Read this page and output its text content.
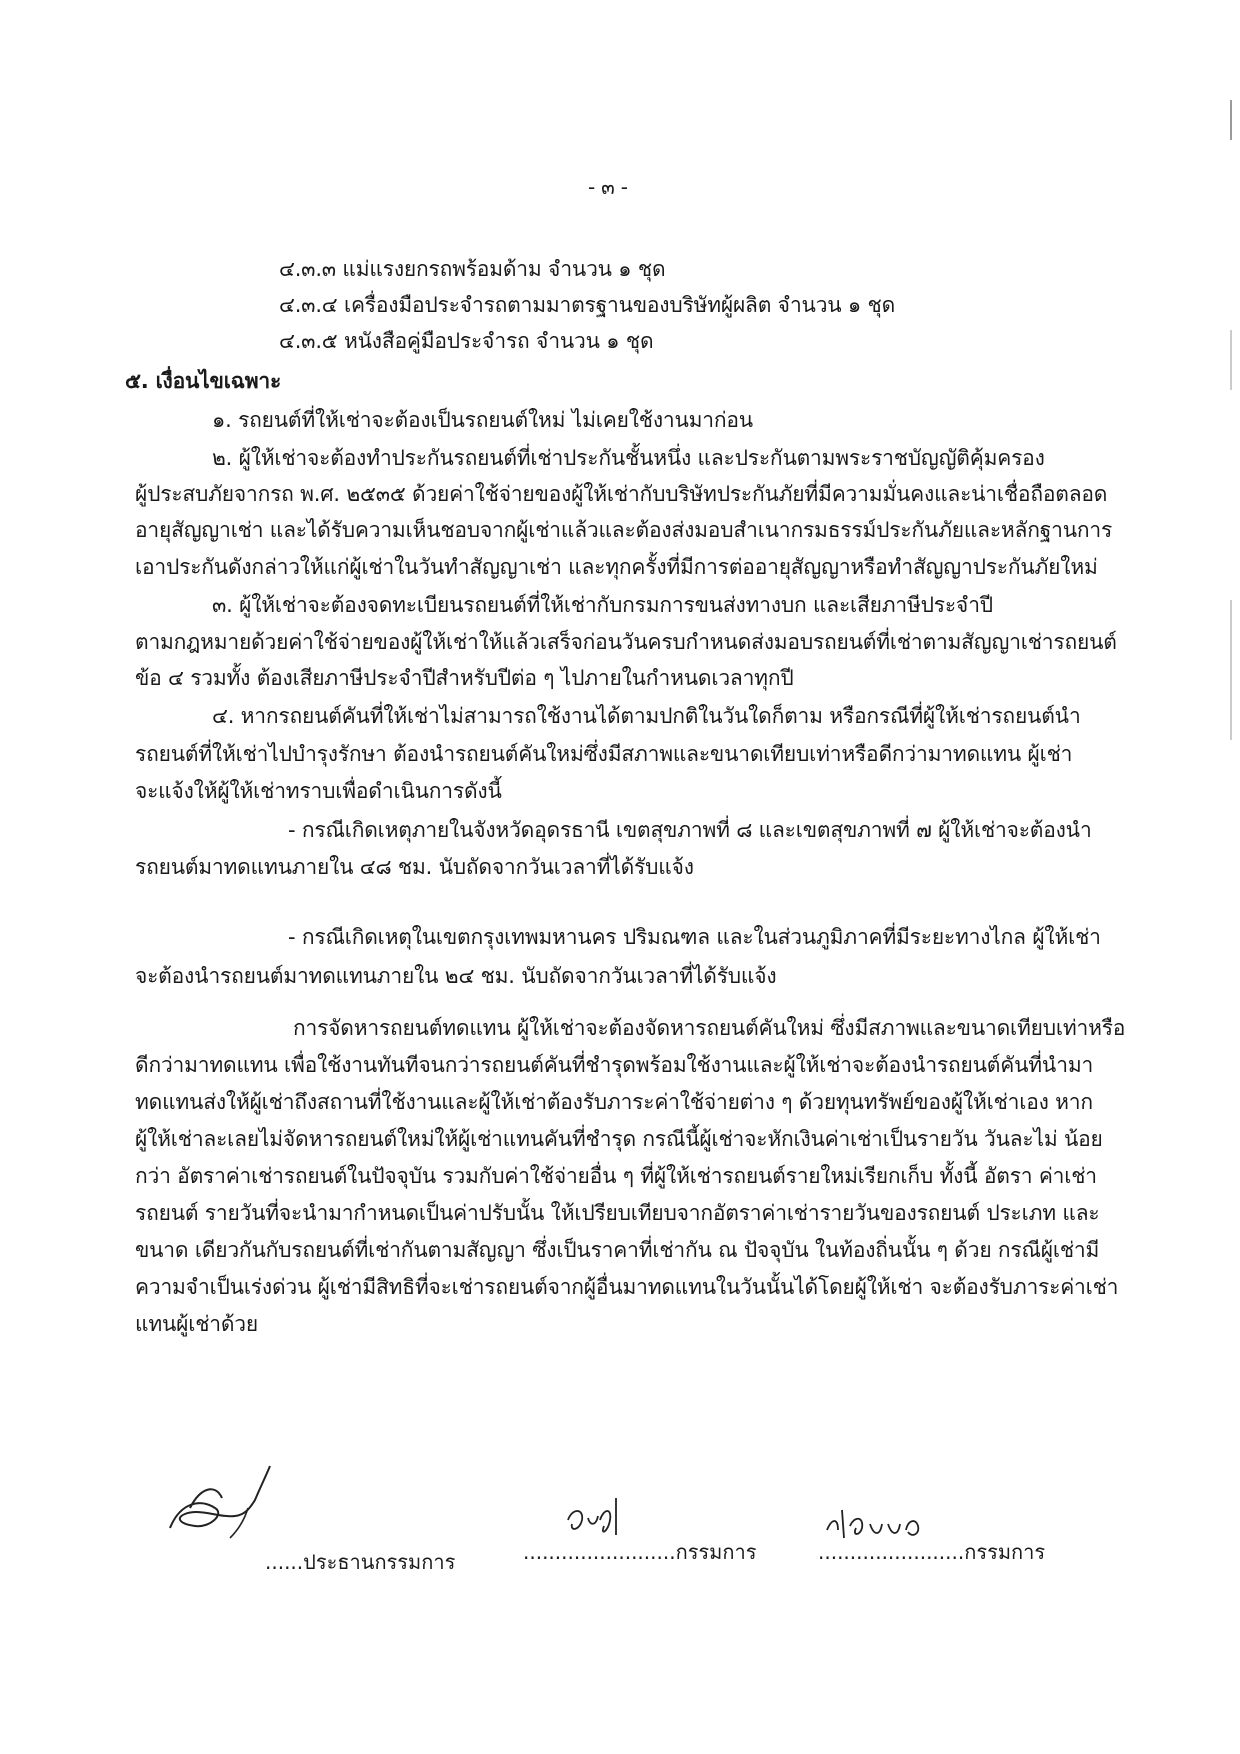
- ๓ -
๔.๓.๓ แม่แรงยกรถพร้อมด้าม จำนวน ๑ ชุด
๔.๓.๔ เครื่องมือประจำรถตามมาตรฐานของบริษัทผู้ผลิต จำนวน ๑ ชุด
๔.๓.๕ หนังสือคู่มือประจำรถ จำนวน ๑ ชุด
๕. เงื่อนไขเฉพาะ
๑. รถยนต์ที่ให้เช่าจะต้องเป็นรถยนต์ใหม่ ไม่เคยใช้งานมาก่อน
๒. ผู้ให้เช่าจะต้องทำประกันรถยนต์ที่เช่าประกันชั้นหนึ่ง และประกันตามพระราชบัญญัติคุ้มครอง
ผู้ประสบภัยจากรถ พ.ศ. ๒๕๓๕ ด้วยค่าใช้จ่ายของผู้ให้เช่ากับบริษัทประกันภัยที่มีความมั่นคงและน่าเชื่อถือตลอด
อายุสัญญาเช่า และได้รับความเห็นชอบจากผู้เช่าแล้วและต้องส่งมอบสำเนากรมธรรม์ประกันภัยและหลักฐานการ
เอาประกันดังกล่าวให้แก่ผู้เช่าในวันทำสัญญาเช่า และทุกครั้งที่มีการต่ออายุสัญญาหรือทำสัญญาประกันภัยใหม่
๓. ผู้ให้เช่าจะต้องจดทะเบียนรถยนต์ที่ให้เช่ากับกรมการขนส่งทางบก และเสียภาษีประจำปี
ตามกฎหมายด้วยค่าใช้จ่ายของผู้ให้เช่าให้แล้วเสร็จก่อนวันครบกำหนดส่งมอบรถยนต์ที่เช่าตามสัญญาเช่ารถยนต์
ข้อ ๔ รวมทั้ง ต้องเสียภาษีประจำปีสำหรับปีต่อ ๆ ไปภายในกำหนดเวลาทุกปี
๔. หากรถยนต์คันที่ให้เช่าไม่สามารถใช้งานได้ตามปกติในวันใดก็ตาม หรือกรณีที่ผู้ให้เช่ารถยนต์นำ
รถยนต์ที่ให้เช่าไปบำรุงรักษา ต้องนำรถยนต์คันใหม่ซึ่งมีสภาพและขนาดเทียบเท่าหรือดีกว่ามาทดแทน ผู้เช่า
จะแจ้งให้ผู้ให้เช่าทราบเพื่อดำเนินการดังนี้
- กรณีเกิดเหตุภายในจังหวัดอุดรธานี เขตสุขภาพที่ ๘ และเขตสุขภาพที่ ๗ ผู้ให้เช่าจะต้องนำ
รถยนต์มาทดแทนภายใน ๔๘ ชม. นับถัดจากวันเวลาที่ได้รับแจ้ง
- กรณีเกิดเหตุในเขตกรุงเทพมหานคร ปริมณฑล และในส่วนภูมิภาคที่มีระยะทางไกล ผู้ให้เช่า
จะต้องนำรถยนต์มาทดแทนภายใน ๒๔ ชม. นับถัดจากวันเวลาที่ได้รับแจ้ง
การจัดหารถยนต์ทดแทน ผู้ให้เช่าจะต้องจัดหารถยนต์คันใหม่ ซึ่งมีสภาพและขนาดเทียบเท่าหรือ
ดีกว่ามาทดแทน เพื่อใช้งานทันทีจนกว่ารถยนต์คันที่ชำรุดพร้อมใช้งานและผู้ให้เช่าจะต้องนำรถยนต์คันที่นำมา
ทดแทนส่งให้ผู้เช่าถึงสถานที่ใช้งานและผู้ให้เช่าต้องรับภาระค่าใช้จ่ายต่าง ๆ ด้วยทุนทรัพย์ของผู้ให้เช่าเอง หาก
ผู้ให้เช่าละเลยไม่จัดหารถยนต์ใหม่ให้ผู้เช่าแทนคันที่ชำรุด กรณีนี้ผู้เช่าจะหักเงินค่าเช่าเป็นรายวัน วันละไม่ น้อย
กว่า อัตราค่าเช่ารถยนต์ในปัจจุบัน รวมกับค่าใช้จ่ายอื่น ๆ ที่ผู้ให้เช่ารถยนต์รายใหม่เรียกเก็บ ทั้งนี้ อัตรา ค่าเช่า
รถยนต์ รายวันที่จะนำมากำหนดเป็นค่าปรับนั้น ให้เปรียบเทียบจากอัตราค่าเช่ารายวันของรถยนต์ ประเภท และ
ขนาด เดียวกันกับรถยนต์ที่เช่ากันตามสัญญา ซึ่งเป็นราคาที่เช่ากัน ณ ปัจจุบัน ในท้องถิ่นนั้น ๆ ด้วย กรณีผู้เช่ามี
ความจำเป็นเร่งด่วน ผู้เช่ามีสิทธิที่จะเช่ารถยนต์จากผู้อื่นมาทดแทนในวันนั้นได้โดยผู้ให้เช่า จะต้องรับภาระค่าเช่า
แทนผู้เช่าด้วย
......ประธานกรรมการ	........................กรรมการ	.......................กรรมการ
